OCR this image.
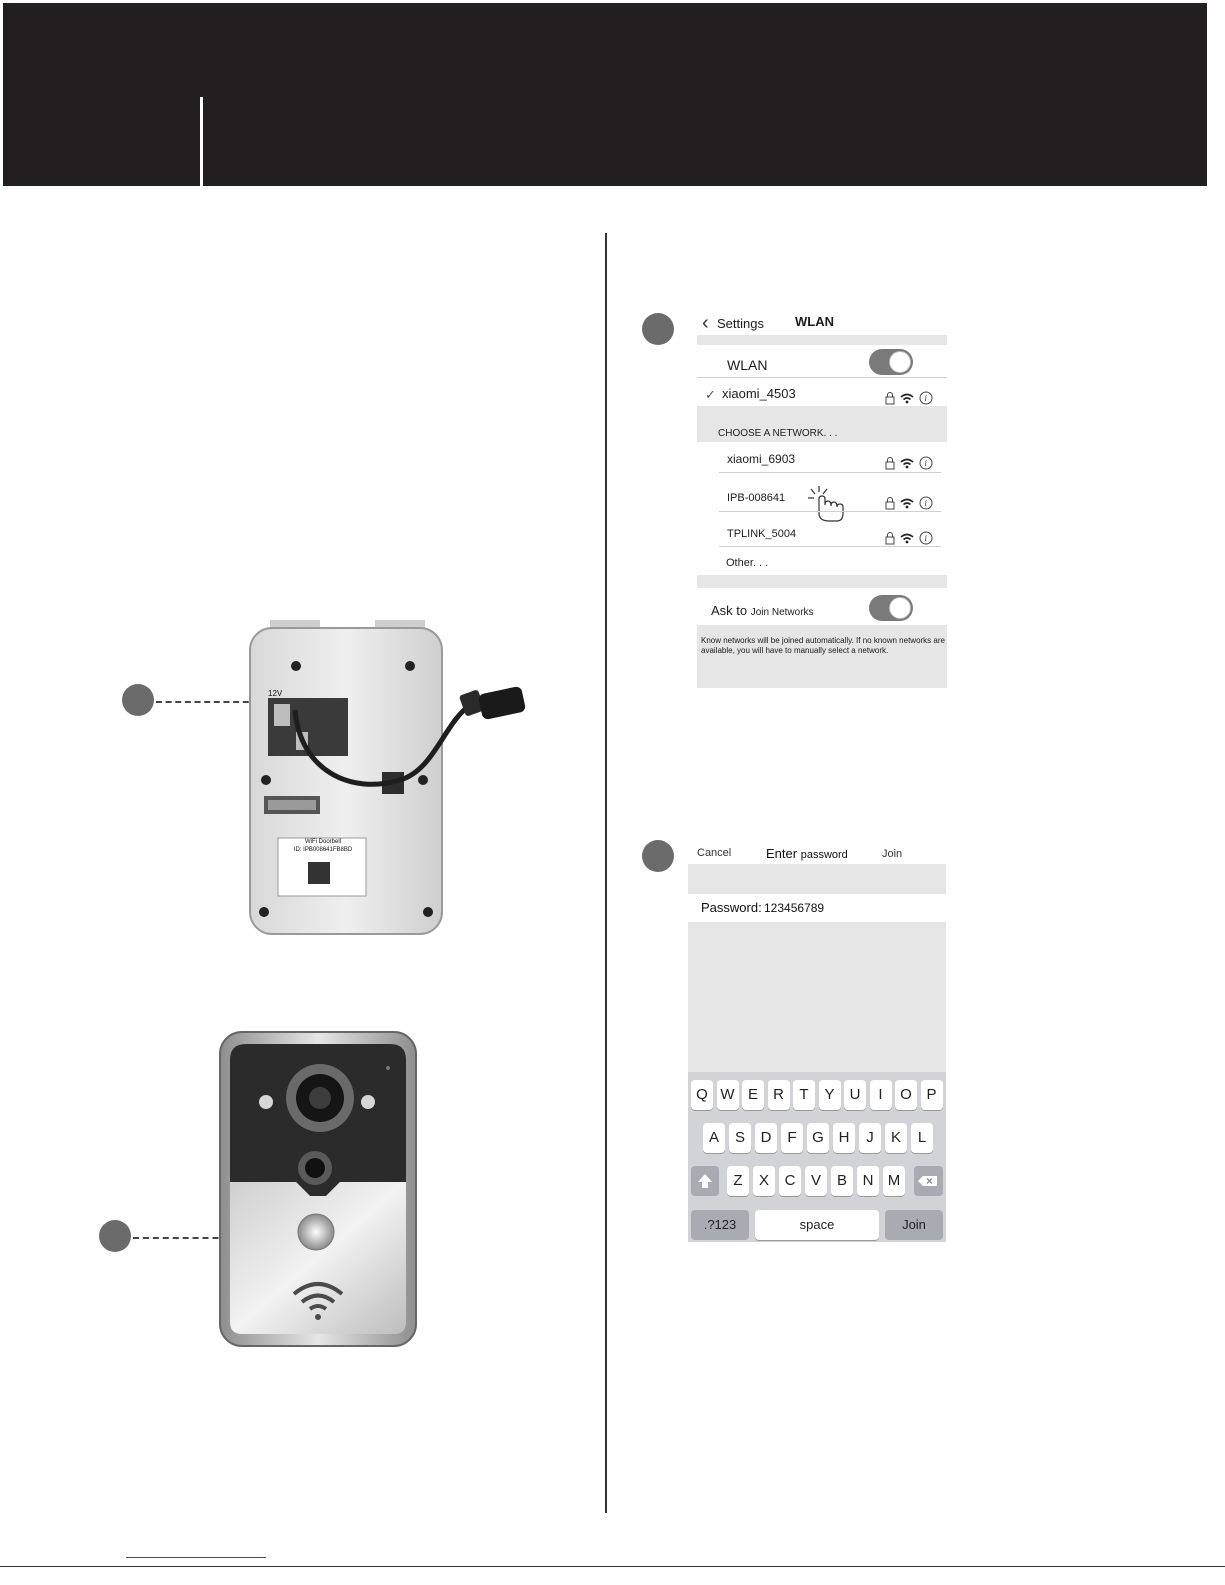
12V
WiFi Doorbell
ID: IPB008641FB8BD
‹ Settings WLAN
WLAN
✓ xiaomi_4503	i
CHOOSE A NETWORK. . .
xiaomi_6903	i
IPB-008641	i
TPLINK_5004	i
Other. . .
Ask to Join Networks
Know networks will be joined automatically. If no known networks are available, you will have to manually select a network.
Cancel	Enter password	Join
Password: 123456789
Q W E	R	T	Y	U	I	O P
A	S	D	F	G H	J	K	L
Z	X	C	V	B	N M
.?123	space	Join
